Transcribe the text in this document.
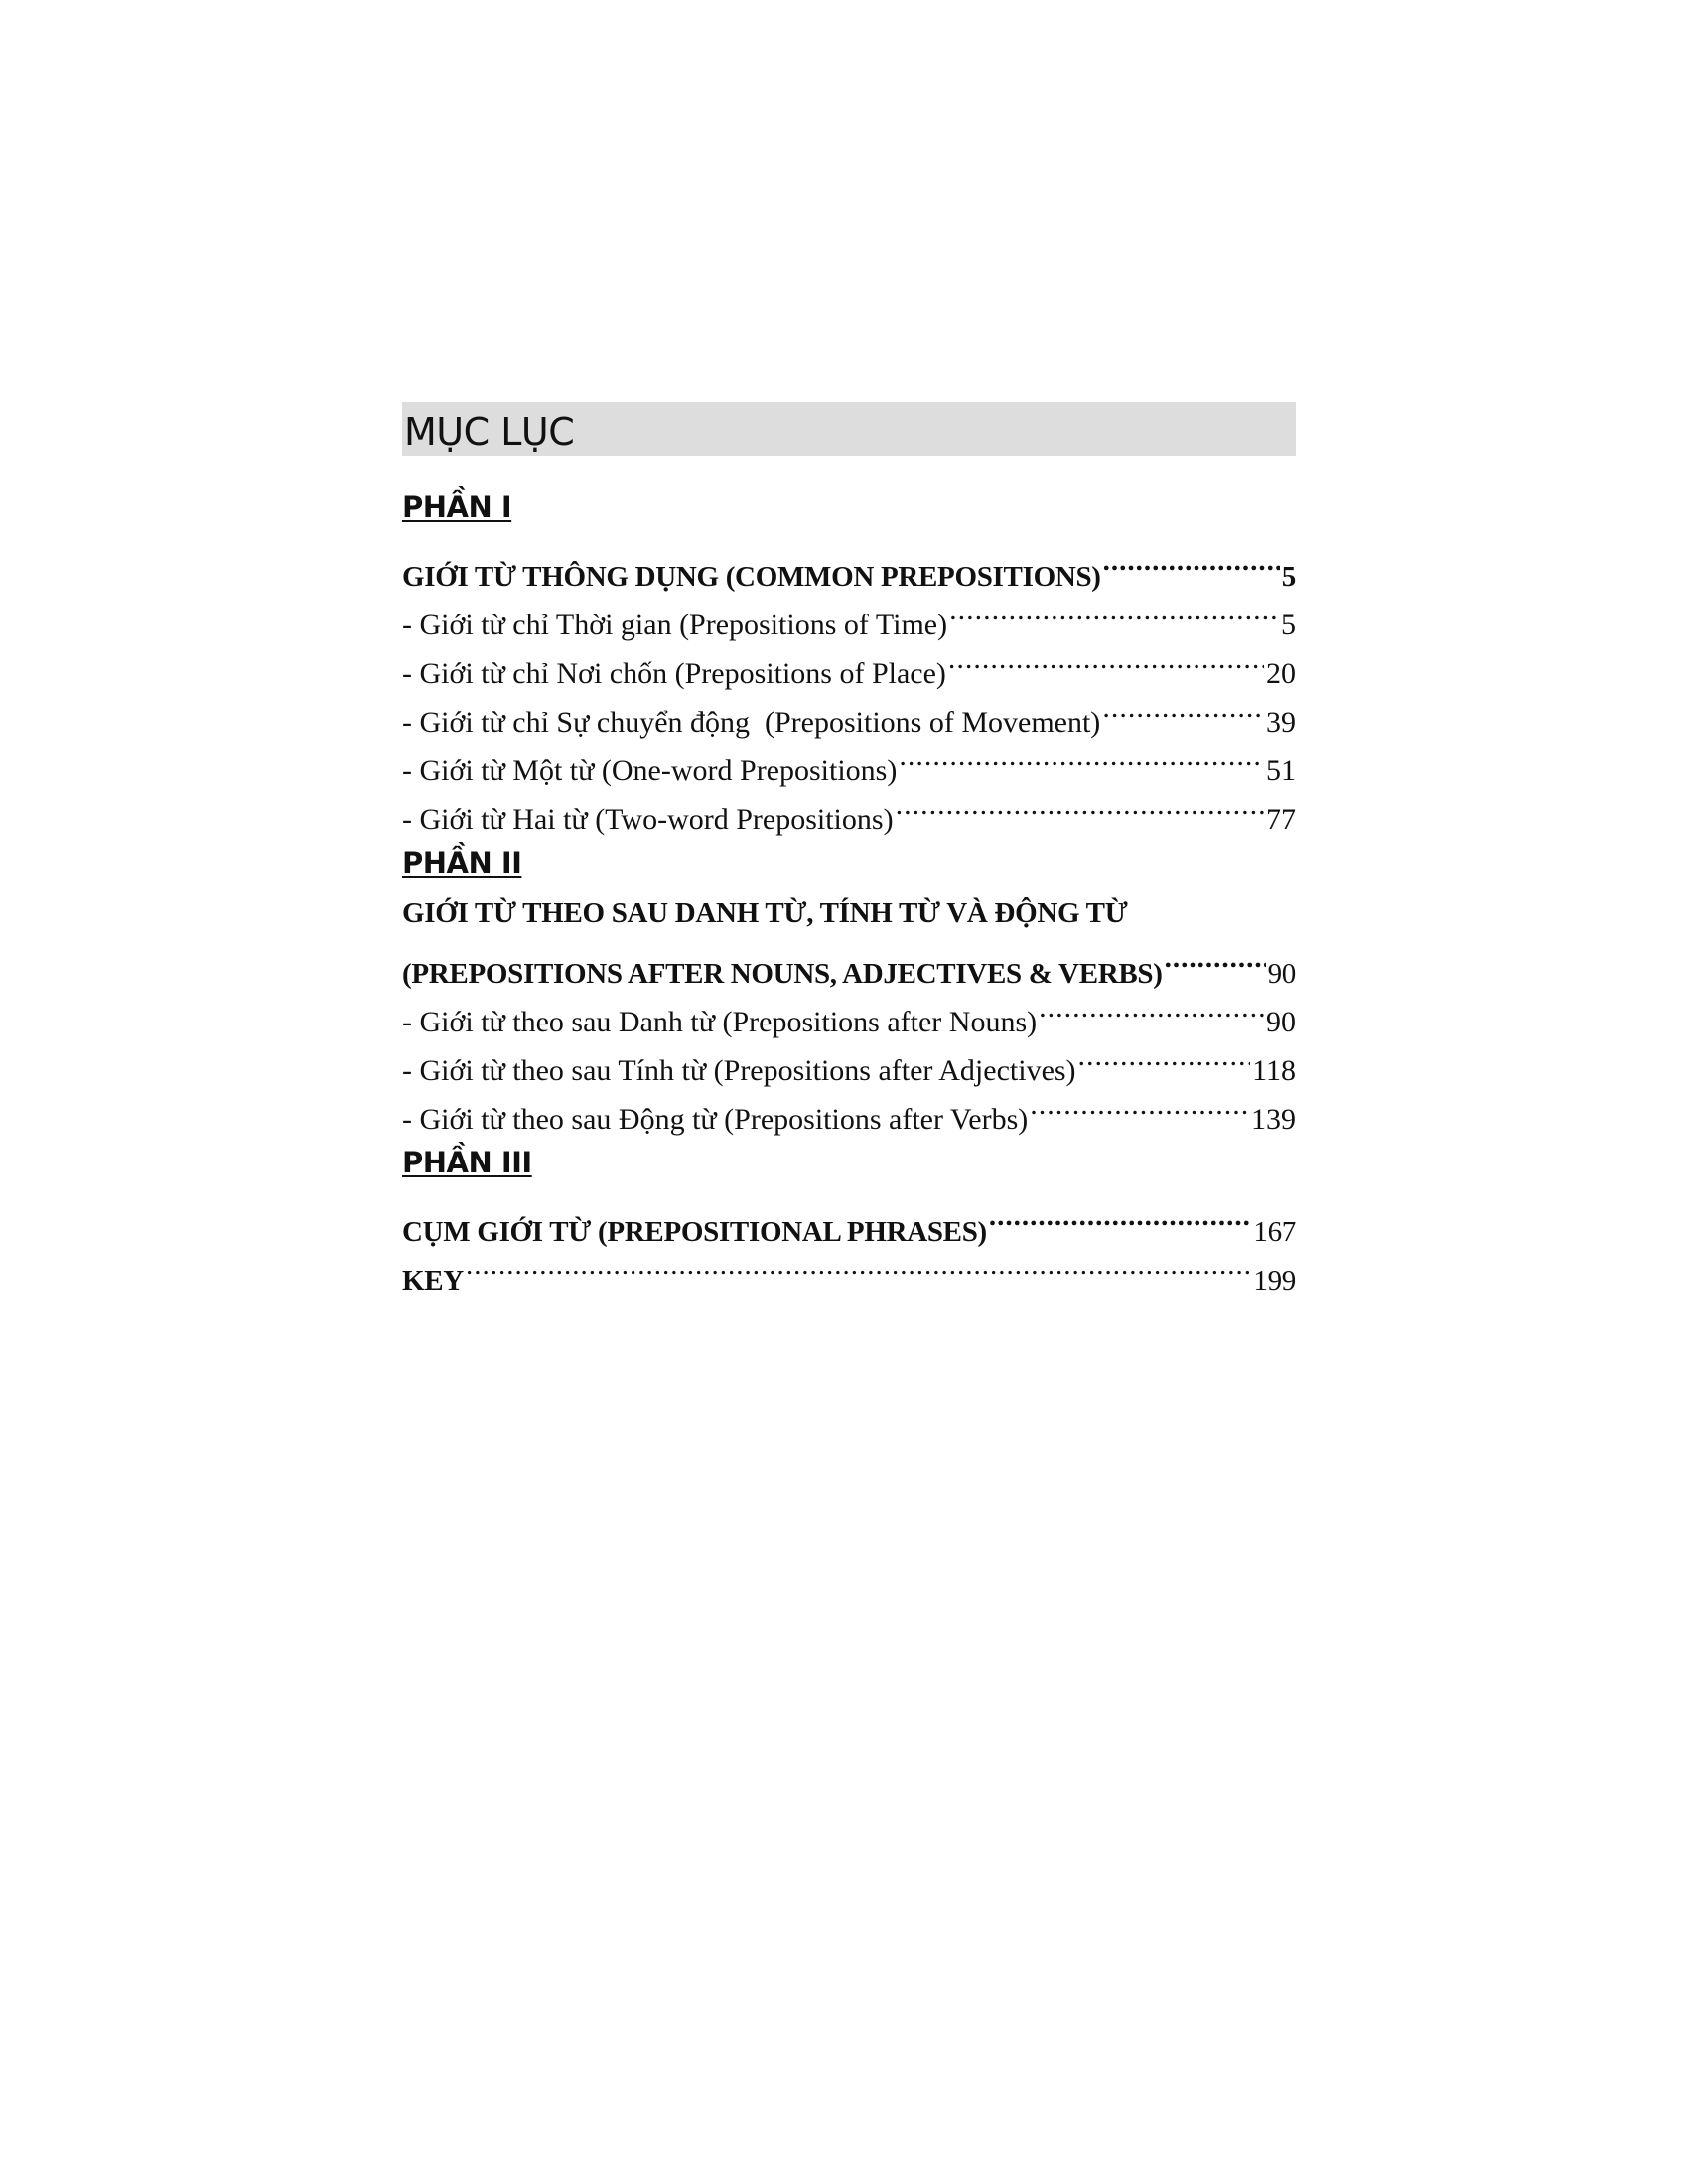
MỤC LỤC
PHẦN I
GIỚI TỪ THÔNG DỤNG (COMMON PREPOSITIONS) .....	5
- Giới từ chỉ Thời gian (Prepositions of Time) .....	5
- Giới từ chỉ Nơi chốn (Prepositions of Place) .....	20
- Giới từ chỉ Sự chuyển động  (Prepositions of Movement) .....	39
- Giới từ Một từ (One-word Prepositions) .....	51
- Giới từ Hai từ (Two-word Prepositions) .....	77
PHẦN II
GIỚI TỪ THEO SAU DANH TỪ, TÍNH TỪ VÀ ĐỘNG TỪ
(PREPOSITIONS AFTER NOUNS, ADJECTIVES & VERBS) .....	90
- Giới từ theo sau Danh từ (Prepositions after Nouns) .....	90
- Giới từ theo sau Tính từ (Prepositions after Adjectives) .....	118
- Giới từ theo sau Động từ (Prepositions after Verbs) .....	139
PHẦN III
CỤM GIỚI TỪ (PREPOSITIONAL PHRASES) .....	167
KEY .....	199
